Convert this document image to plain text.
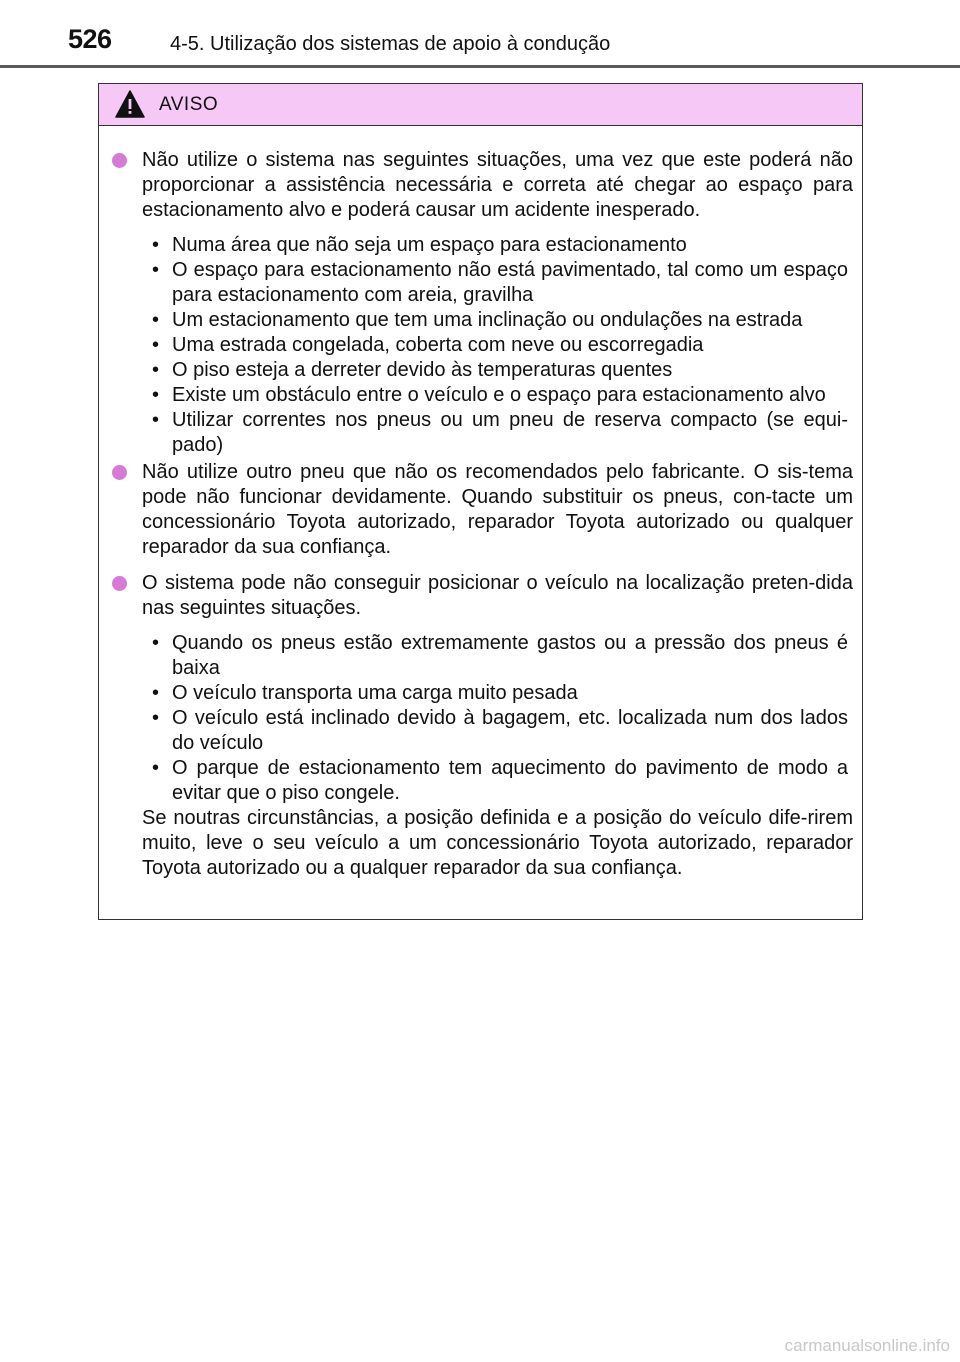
526	4-5. Utilização dos sistemas de apoio à condução
AVISO
Não utilize o sistema nas seguintes situações, uma vez que este poderá não proporcionar a assistência necessária e correta até chegar ao espaço para estacionamento alvo e poderá causar um acidente inesperado.
• Numa área que não seja um espaço para estacionamento
• O espaço para estacionamento não está pavimentado, tal como um espaço para estacionamento com areia, gravilha
• Um estacionamento que tem uma inclinação ou ondulações na estrada
• Uma estrada congelada, coberta com neve ou escorregadia
• O piso esteja a derreter devido às temperaturas quentes
• Existe um obstáculo entre o veículo e o espaço para estacionamento alvo
• Utilizar correntes nos pneus ou um pneu de reserva compacto (se equi-pado)
Não utilize outro pneu que não os recomendados pelo fabricante. O sis-tema pode não funcionar devidamente. Quando substituir os pneus, con-tacte um concessionário Toyota autorizado, reparador Toyota autorizado ou qualquer reparador da sua confiança.
O sistema pode não conseguir posicionar o veículo na localização preten-dida nas seguintes situações.
• Quando os pneus estão extremamente gastos ou a pressão dos pneus é baixa
• O veículo transporta uma carga muito pesada
• O veículo está inclinado devido à bagagem, etc. localizada num dos lados do veículo
• O parque de estacionamento tem aquecimento do pavimento de modo a evitar que o piso congele.
Se noutras circunstâncias, a posição definida e a posição do veículo dife-rirem muito, leve o seu veículo a um concessionário Toyota autorizado, reparador Toyota autorizado ou a qualquer reparador da sua confiança.
carmanualsonline.info
